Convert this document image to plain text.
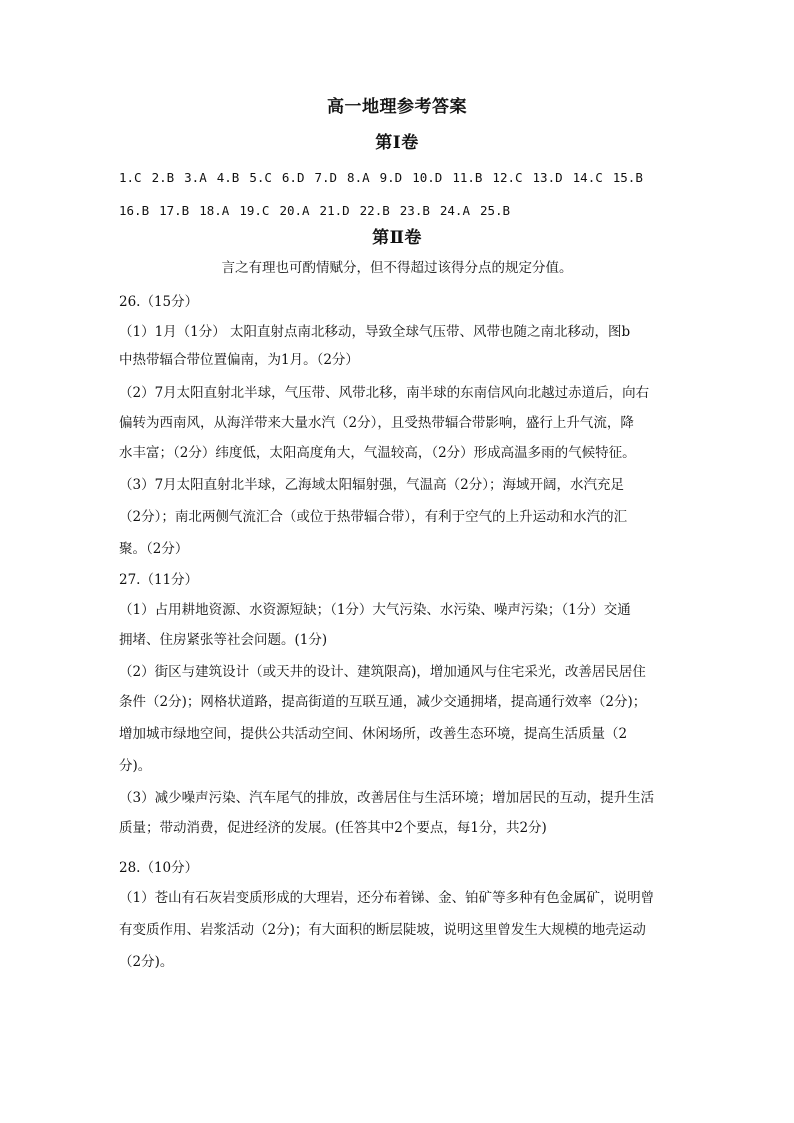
高一地理参考答案
第Ⅰ卷
1.C 2.B 3.A 4.B 5.C 6.D 7.D 8.A 9.D 10.D 11.B 12.C 13.D 14.C 15.B
16.B 17.B 18.A 19.C 20.A 21.D 22.B 23.B 24.A 25.B
第Ⅱ卷
言之有理也可酌情赋分，但不得超过该得分点的规定分值。
26.（15分）
（1）1月（1分） 太阳直射点南北移动，导致全球气压带、风带也随之南北移动，图b
中热带辐合带位置偏南，为1月。（2分）
（2）7月太阳直射北半球，气压带、风带北移，南半球的东南信风向北越过赤道后，向右
偏转为西南风，从海洋带来大量水汽（2分），且受热带辐合带影响，盛行上升气流，降
水丰富；（2分）纬度低，太阳高度角大，气温较高，（2分）形成高温多雨的气候特征。
（3）7月太阳直射北半球，乙海域太阳辐射强，气温高（2分）；海域开阔，水汽充足
（2分）；南北两侧气流汇合（或位于热带辐合带），有利于空气的上升运动和水汽的汇
聚。（2分）
27.（11分）
（1）占用耕地资源、水资源短缺；（1分）大气污染、水污染、噪声污染；（1分）交通
拥堵、住房紧张等社会问题。(1分)
（2）街区与建筑设计（或天井的设计、建筑限高)，增加通风与住宅采光，改善居民居住
条件（2分)；网格状道路，提高街道的互联互通，减少交通拥堵，提高通行效率（2分)；
增加城市绿地空间，提供公共活动空间、休闲场所，改善生态环境，提高生活质量（2
分)。
（3）减少噪声污染、汽车尾气的排放，改善居住与生活环境；增加居民的互动，提升生活
质量；带动消费，促进经济的发展。(任答其中2个要点，每1分，共2分)
28.（10分）
（1）苍山有石灰岩变质形成的大理岩，还分布着锑、金、铂矿等多种有色金属矿，说明曾
有变质作用、岩浆活动（2分)；有大面积的断层陡坡，说明这里曾发生大规模的地壳运动
（2分)。
